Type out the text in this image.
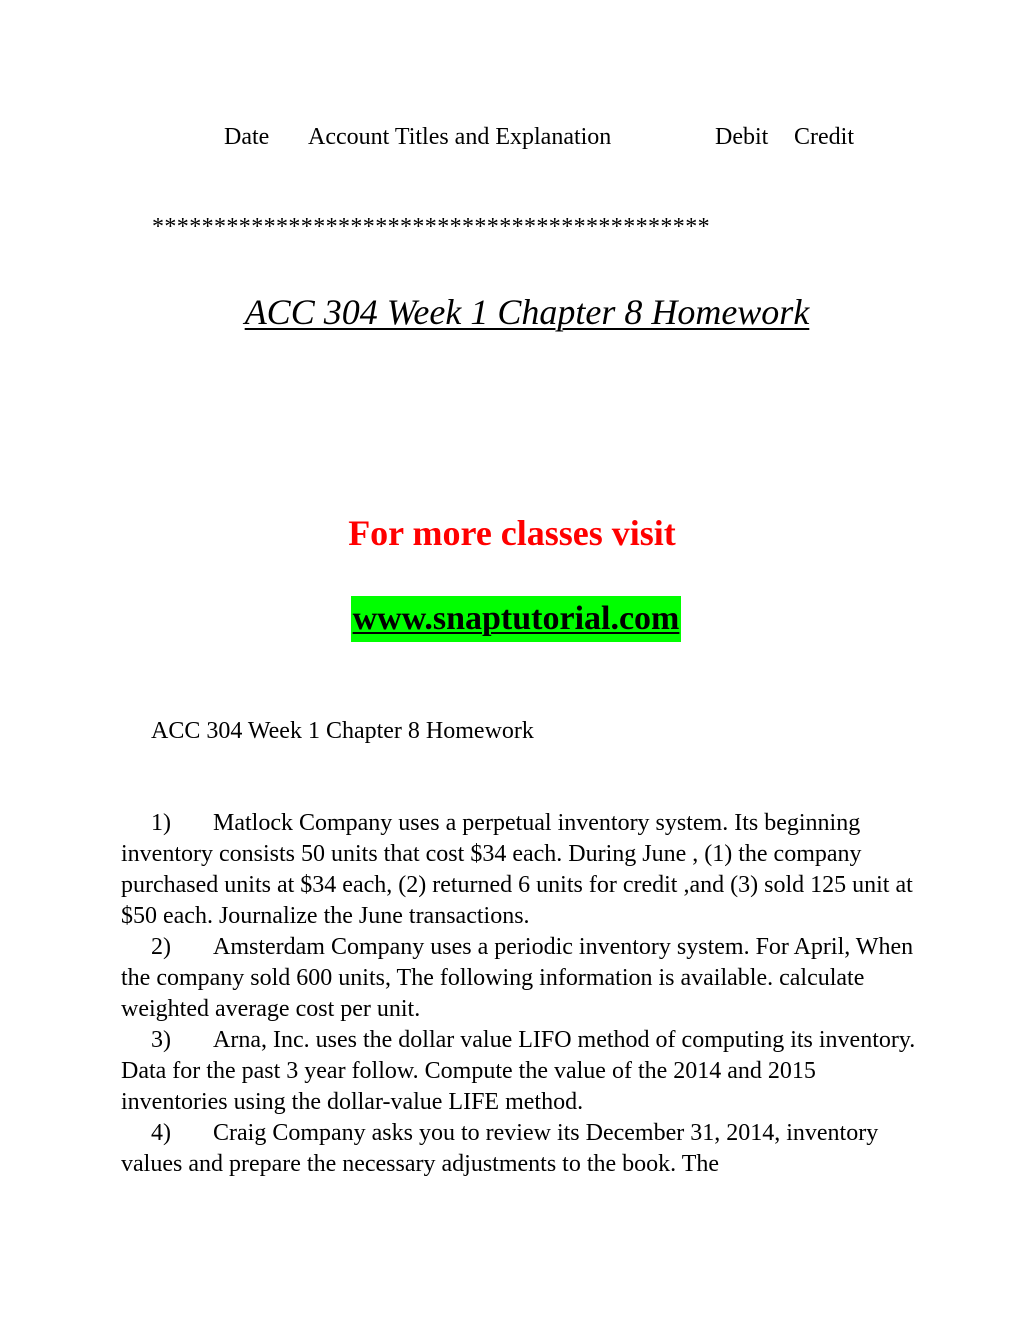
Date Account Titles and Explanation	Debit Credit
*********************************************
ACC 304 Week 1 Chapter 8 Homework
For more classes visit

www.snaptutorial.com

ACC 304 Week 1 Chapter 8 Homework

1) Matlock Company uses a perpetual inventory system. Its beginning inventory consists 50 units that cost $34 each. During June , (1) the company purchased units at $34 each, (2) returned 6 units for credit ,and (3) sold 125 unit at $50 each. Journalize the June transactions.

2) Amsterdam Company uses a periodic inventory system. For April, When the company sold 600 units, The following information is available. calculate weighted average cost per unit.

3) Arna, Inc. uses the dollar value LIFO method of computing its inventory. Data for the past 3 year follow. Compute the value of the 2014 and 2015 inventories using the dollar-value LIFE method.

4) Craig Company asks you to review its December 31, 2014, inventory values and prepare the necessary adjustments to the book. The
